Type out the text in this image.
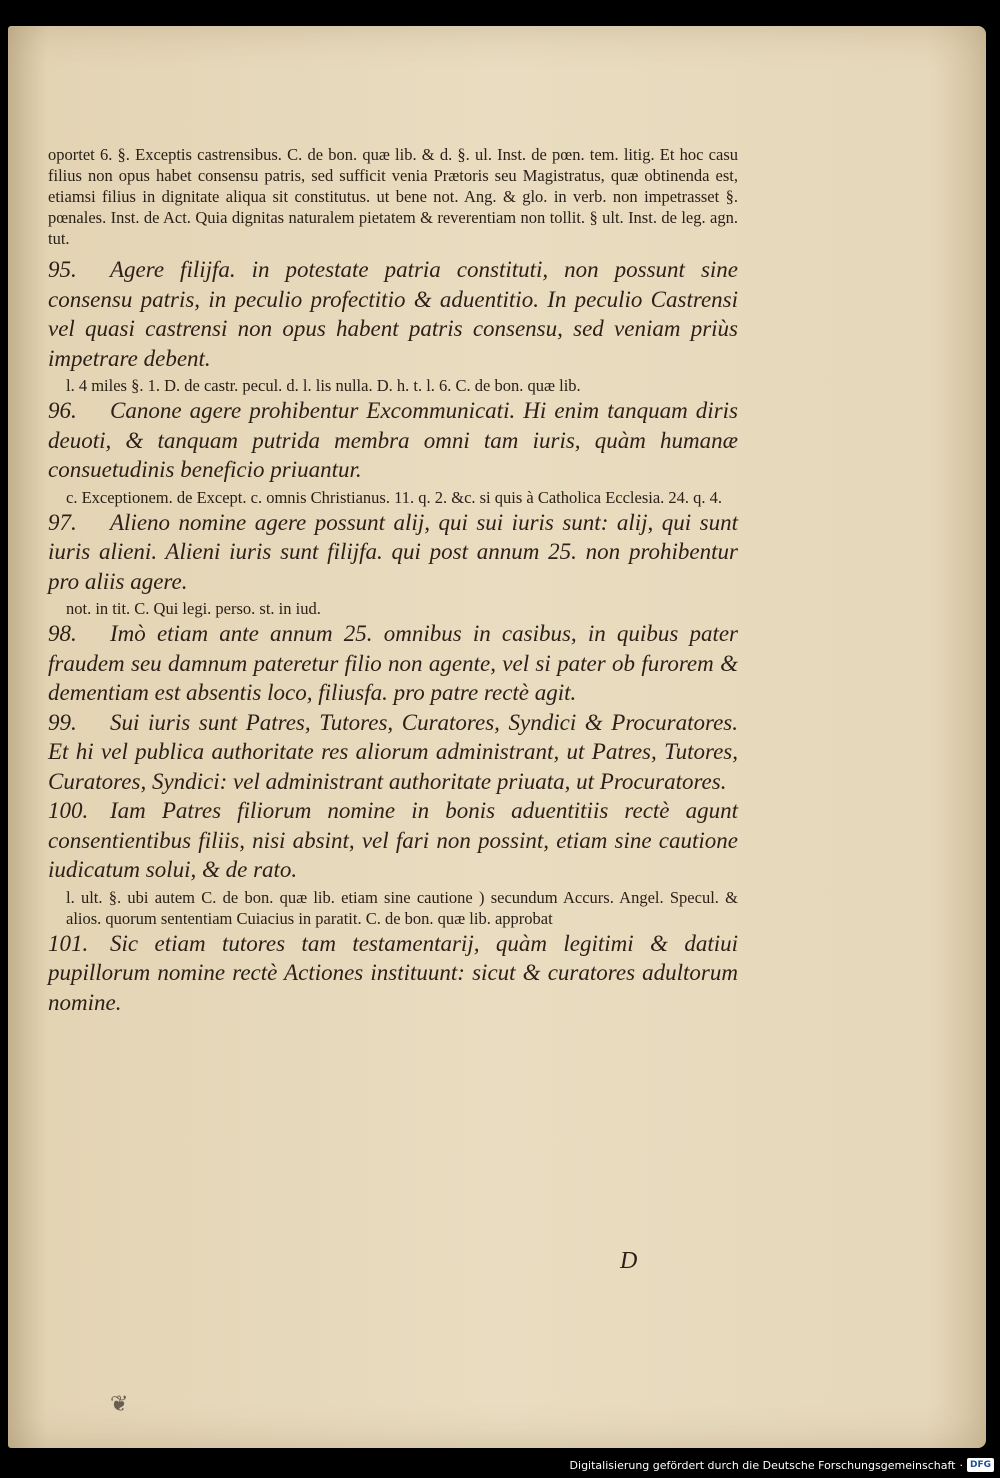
oportet 6. §. Exceptis castrensibus. C. de bon. quæ lib. & d. §. ul. Inst. de pœn. tem. litig. Et hoc casu filius non opus habet consensu patris, sed sufficit venia Prætoris seu Magistratus, quæ obtinenda est, etiamsi filius in dignitate aliqua sit constitutus. ut bene not. Ang. & glo. in verb. non impetrasset §. pœnales. Inst. de Act. Quia dignitas naturalem pietatem & reverentiam non tollit. § ult. Inst. de leg. agn. tut.

95. Agere filijfa. in potestate patria constituti, non possunt sine consensu patris, in peculio profectitio & aduentitio. In peculio Castrensi vel quasi castrensi non opus habent patris consensu, sed veniam priùs impetrare debent.

l. 4 miles §. 1. D. de castr. pecul. d. l. lis nulla. D. h. t. l. 6. C. de bon. quæ lib.

96. Canone agere prohibentur Excommunicati. Hi enim tanquam diris deuoti, & tanquam putrida membra omni tam iuris, quàm humanæ consuetudinis beneficio priuantur.

c. Exceptionem. de Except. c. omnis Christianus. 11. q. 2. &c. si quis à Catholica Ecclesia. 24. q. 4.

97. Alieno nomine agere possunt alij, qui sui iuris sunt: alij, qui sunt iuris alieni. Alieni iuris sunt filijfa. qui post annum 25. non prohibentur pro aliis agere.

not. in tit. C. Qui legi. perso. st. in iud.

98. Imò etiam ante annum 25. omnibus in casibus, in quibus pater fraudem seu damnum pateretur filio non agente, vel si pater ob furorem & dementiam est absentis loco, filiusfa. pro patre rectè agit.

99. Sui iuris sunt Patres, Tutores, Curatores, Syndici & Procuratores. Et hi vel publica authoritate res aliorum administrant, ut Patres, Tutores, Curatores, Syndici: vel administrant authoritate priuata, ut Procuratores.

100. Iam Patres filiorum nomine in bonis aduentitiis rectè agunt consentientibus filiis, nisi absint, vel fari non possint, etiam sine cautione iudicatum solui, & de rato.

l. ult. §. ubi autem C. de bon. quæ lib. etiam sine cautione ) secundum Accurs. Angel. Specul. & alios. quorum sententiam Cuiacius in paratit. C. de bon. quæ lib. approbat

101. Sic etiam tutores tam testamentarij, quàm legitimi & datiui pupillorum nomine rectè Actiones instituunt: sicut & curatores adultorum nomine.

D
❦
Digitalisierung gefördert durch die Deutsche Forschungsgemeinschaft · DFG
